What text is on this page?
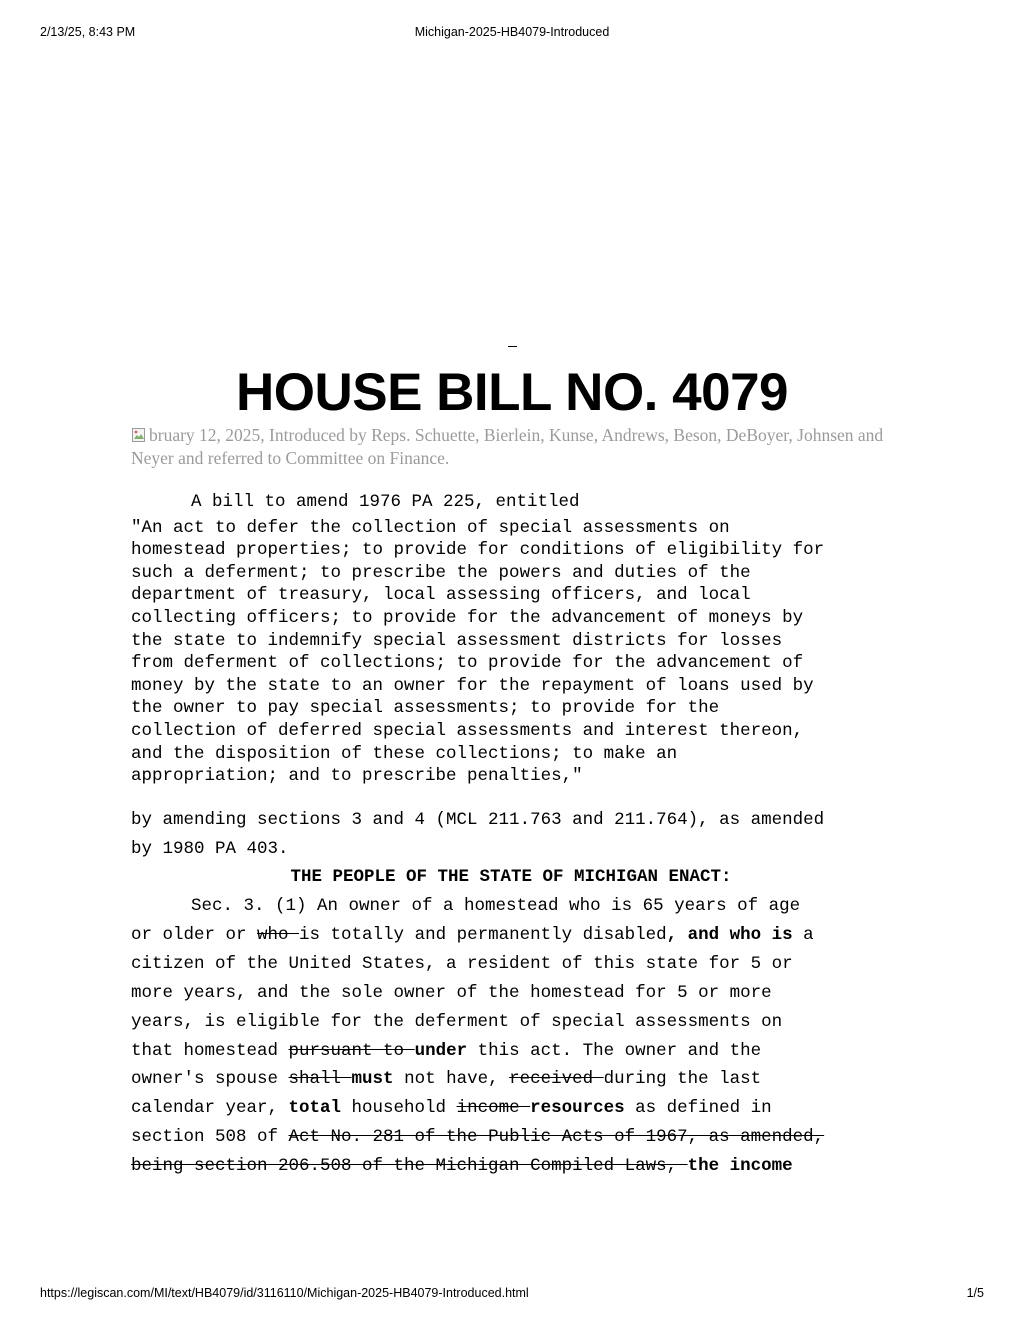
2/13/25, 8:43 PM	Michigan-2025-HB4079-Introduced
HOUSE BILL NO. 4079
bruary 12, 2025, Introduced by Reps. Schuette, Bierlein, Kunse, Andrews, Beson, DeBoyer, Johnsen and Neyer and referred to Committee on Finance.
A bill to amend 1976 PA 225, entitled
"An act to defer the collection of special assessments on
homestead properties; to provide for conditions of eligibility for
such a deferment; to prescribe the powers and duties of the
department of treasury, local assessing officers, and local
collecting officers; to provide for the advancement of moneys by
the state to indemnify special assessment districts for losses
from deferment of collections; to provide for the advancement of
money by the state to an owner for the repayment of loans used by
the owner to pay special assessments; to provide for the
collection of deferred special assessments and interest thereon,
and the disposition of these collections; to make an
appropriation; and to prescribe penalties,"
by amending sections 3 and 4 (MCL 211.763 and 211.764), as amended
by 1980 PA 403.
THE PEOPLE OF THE STATE OF MICHIGAN ENACT:
Sec. 3. (1) An owner of a homestead who is 65 years of age
or older or who is totally and permanently disabled, and who is a
citizen of the United States, a resident of this state for 5 or
more years, and the sole owner of the homestead for 5 or more
years, is eligible for the deferment of special assessments on
that homestead pursuant to under this act. The owner and the
owner's spouse shall must not have, received during the last
calendar year, total household income resources as defined in
section 508 of Act No. 281 of the Public Acts of 1967, as amended,
being section 206.508 of the Michigan Compiled Laws, the income
https://legiscan.com/MI/text/HB4079/id/3116110/Michigan-2025-HB4079-Introduced.html	1/5
